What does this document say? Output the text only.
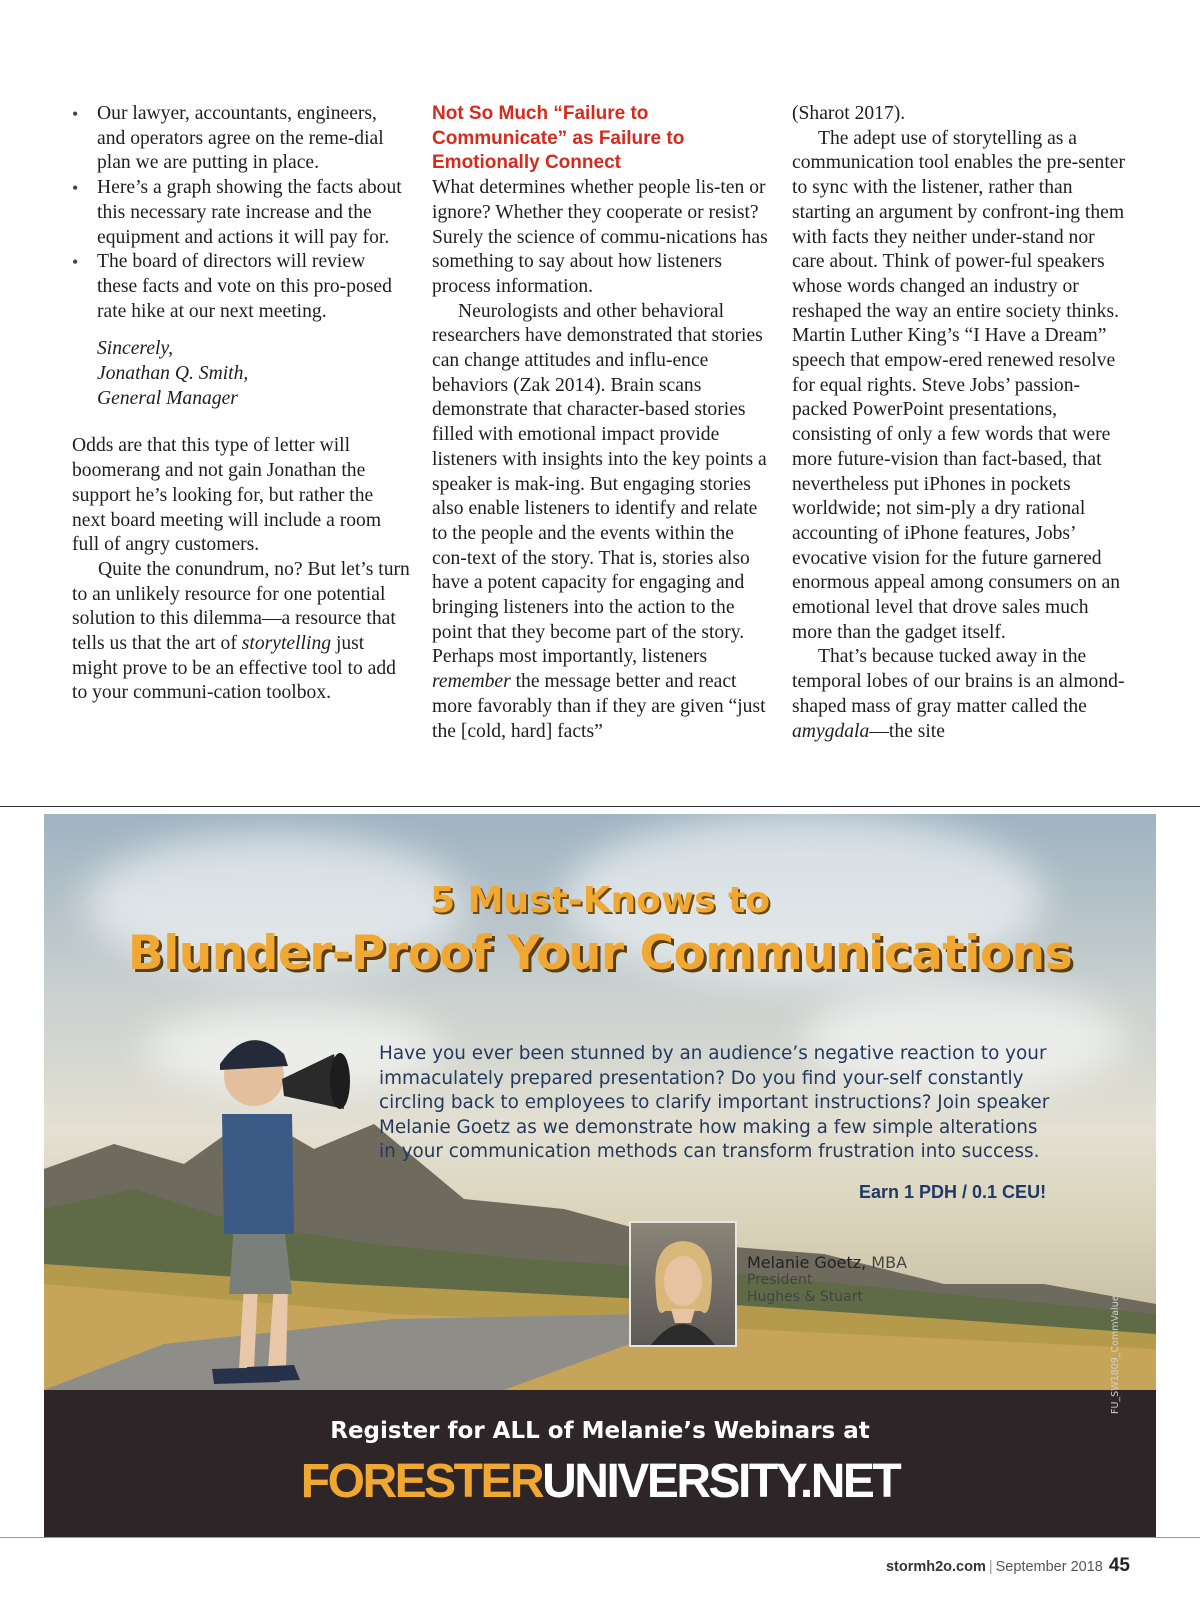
• Our lawyer, accountants, engineers, and operators agree on the reme-dial plan we are putting in place.
• Here’s a graph showing the facts about this necessary rate increase and the equipment and actions it will pay for.
• The board of directors will review these facts and vote on this pro-posed rate hike at our next meeting.
Sincerely,
Jonathan Q. Smith,
General Manager

Odds are that this type of letter will boomerang and not gain Jonathan the support he’s looking for, but rather the next board meeting will include a room full of angry customers.

Quite the conundrum, no? But let’s turn to an unlikely resource for one potential solution to this dilemma—a resource that tells us that the art of storytelling just might prove to be an effective tool to add to your communi-cation toolbox.

Not So Much “Failure to Communicate” as Failure to Emotionally Connect

What determines whether people lis-ten or ignore? Whether they cooperate or resist? Surely the science of commu-nications has something to say about how listeners process information.

Neurologists and other behavioral researchers have demonstrated that stories can change attitudes and influ-ence behaviors (Zak 2014). Brain scans demonstrate that character-based stories filled with emotional impact provide listeners with insights into the key points a speaker is mak-ing. But engaging stories also enable listeners to identify and relate to the people and the events within the con-text of the story. That is, stories also have a potent capacity for engaging and bringing listeners into the action to the point that they become part of the story. Perhaps most importantly, listeners remember the message better and react more favorably than if they are given “just the [cold, hard] facts”

(Sharot 2017).

The adept use of storytelling as a communication tool enables the pre-senter to sync with the listener, rather than starting an argument by confront-ing them with facts they neither under-stand nor care about. Think of power-ful speakers whose words changed an industry or reshaped the way an entire society thinks. Martin Luther King’s “I Have a Dream” speech that empow-ered renewed resolve for equal rights. Steve Jobs’ passion-packed PowerPoint presentations, consisting of only a few words that were more future-vision than fact-based, that nevertheless put iPhones in pockets worldwide; not sim-ply a dry rational accounting of iPhone features, Jobs’ evocative vision for the future garnered enormous appeal among consumers on an emotional level that drove sales much more than the gadget itself.

That’s because tucked away in the temporal lobes of our brains is an almond-shaped mass of gray matter called the amygdala—the site

5 Must-Knows to
Blunder-Proof Your Communications
Have you ever been stunned by an audience’s negative reaction to your immaculately prepared presentation? Do you find your-self constantly circling back to employees to clarify important instructions? Join speaker Melanie Goetz as we demonstrate how making a few simple alterations in your communication methods can transform frustration into success.
Earn 1 PDH / 0.1 CEU!
Melanie Goetz, MBA
President
Hughes & Stuart
Register for ALL of Melanie’s Webinars at
FORESTERUNIVERSITY.NET
FU_SW1809_CommValue
stormh2o.com | September 2018 45
